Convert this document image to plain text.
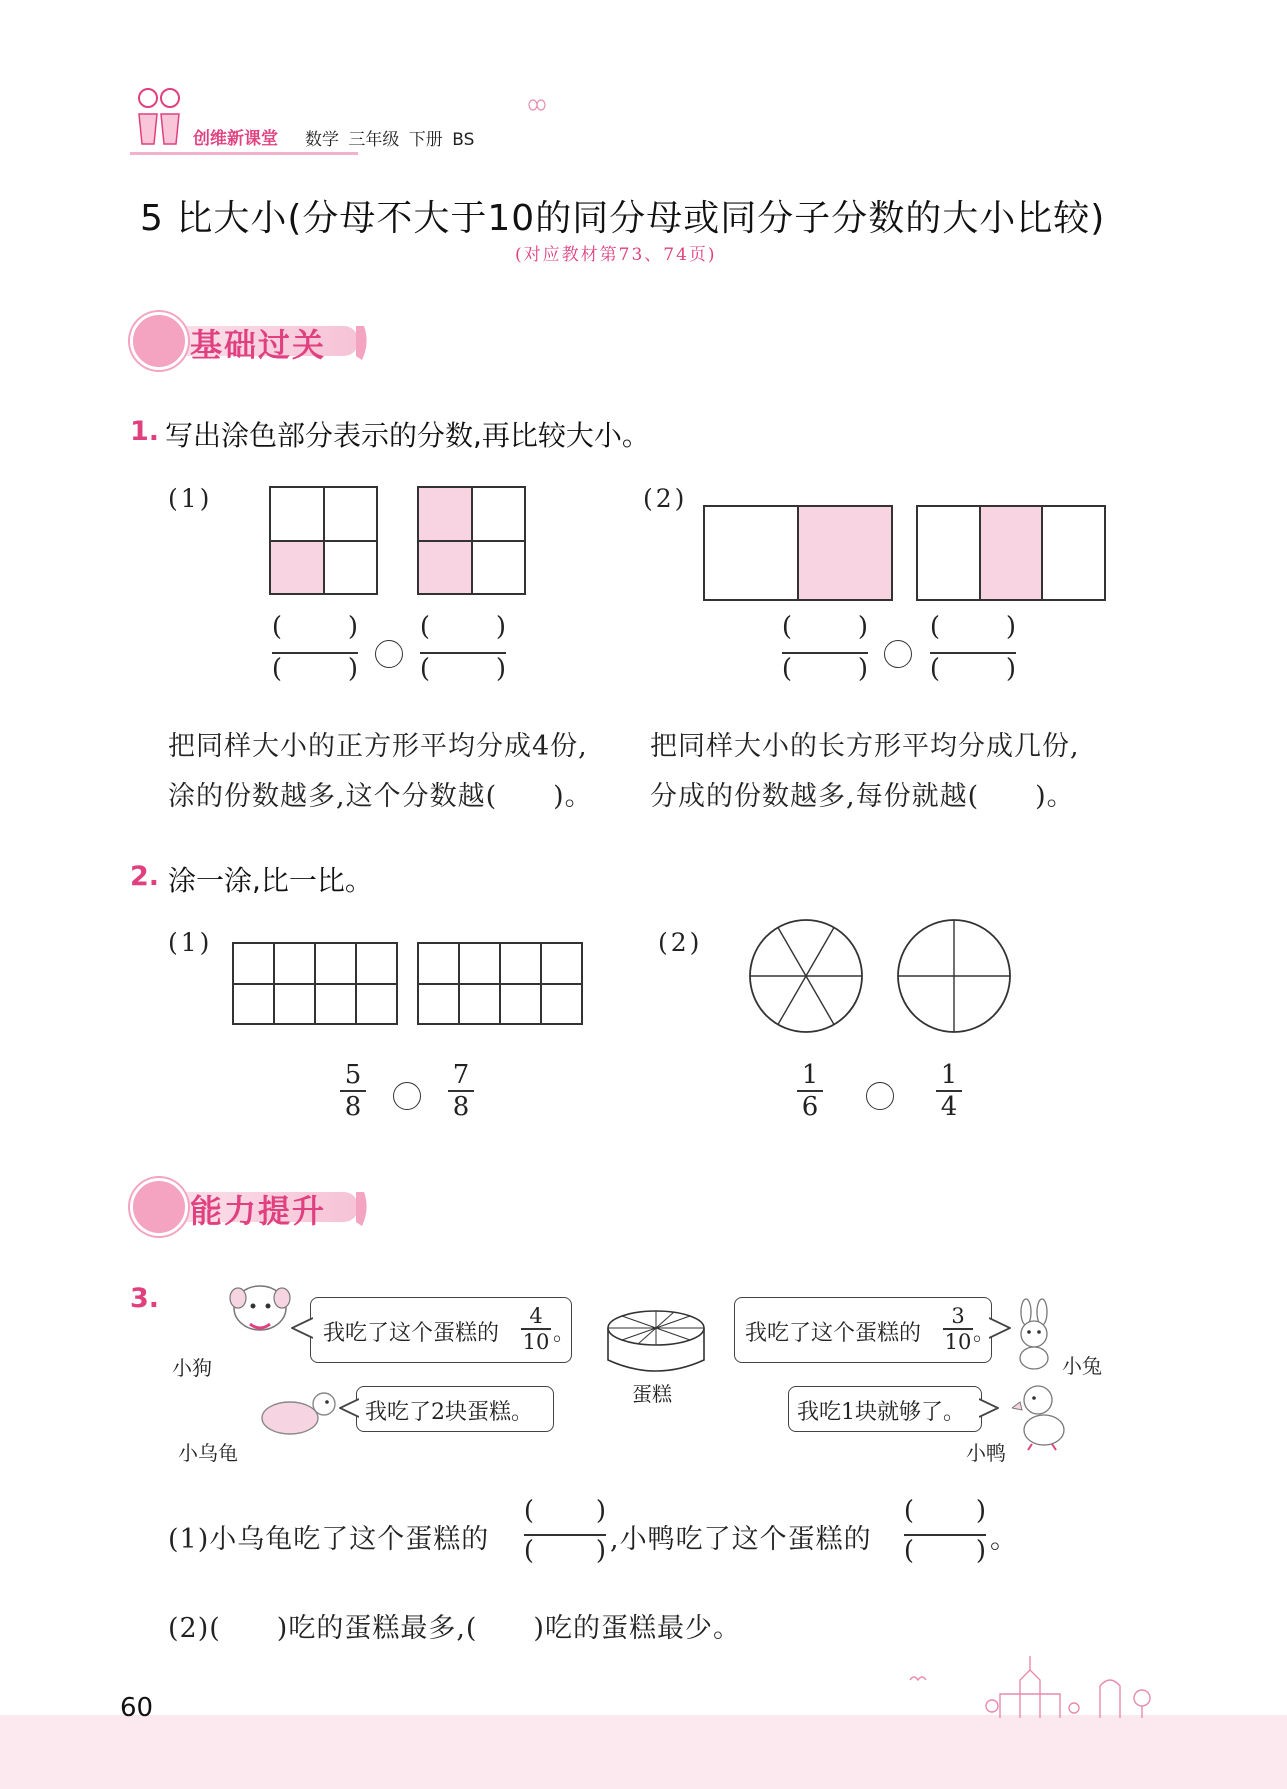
创维新课堂 数学 三年级 下册 BS
5 比大小(分母不大于10的同分母或同分子分数的大小比较)
(对应教材第73、74页)
基础过关
1. 写出涂色部分表示的分数,再比较大小。
(1)	(2)
(	)
(	)
(	)
(	)
(	)
(	)
(	)
(	)
把同样大小的正方形平均分成4份,
涂的份数越多,这个分数越(　　)。
把同样大小的长方形平均分成几份,
分成的份数越多,每份就越(　　)。
2. 涂一涂,比一比。
(1)	(2)
5
8
7
8
1
6
1
4
能力提升
3.
小狗
我吃了这个蛋糕的
4
10 。
小乌龟
我吃了2块蛋糕。
蛋糕
我吃了这个蛋糕的
3
10 。
小兔
我吃1块就够了。
小鸭
(1)小乌龟吃了这个蛋糕的
( )
( ) ,小鸭吃了这个蛋糕的
( )
( ) 。
(2)(　　)吃的蛋糕最多,(　　)吃的蛋糕最少。
60
